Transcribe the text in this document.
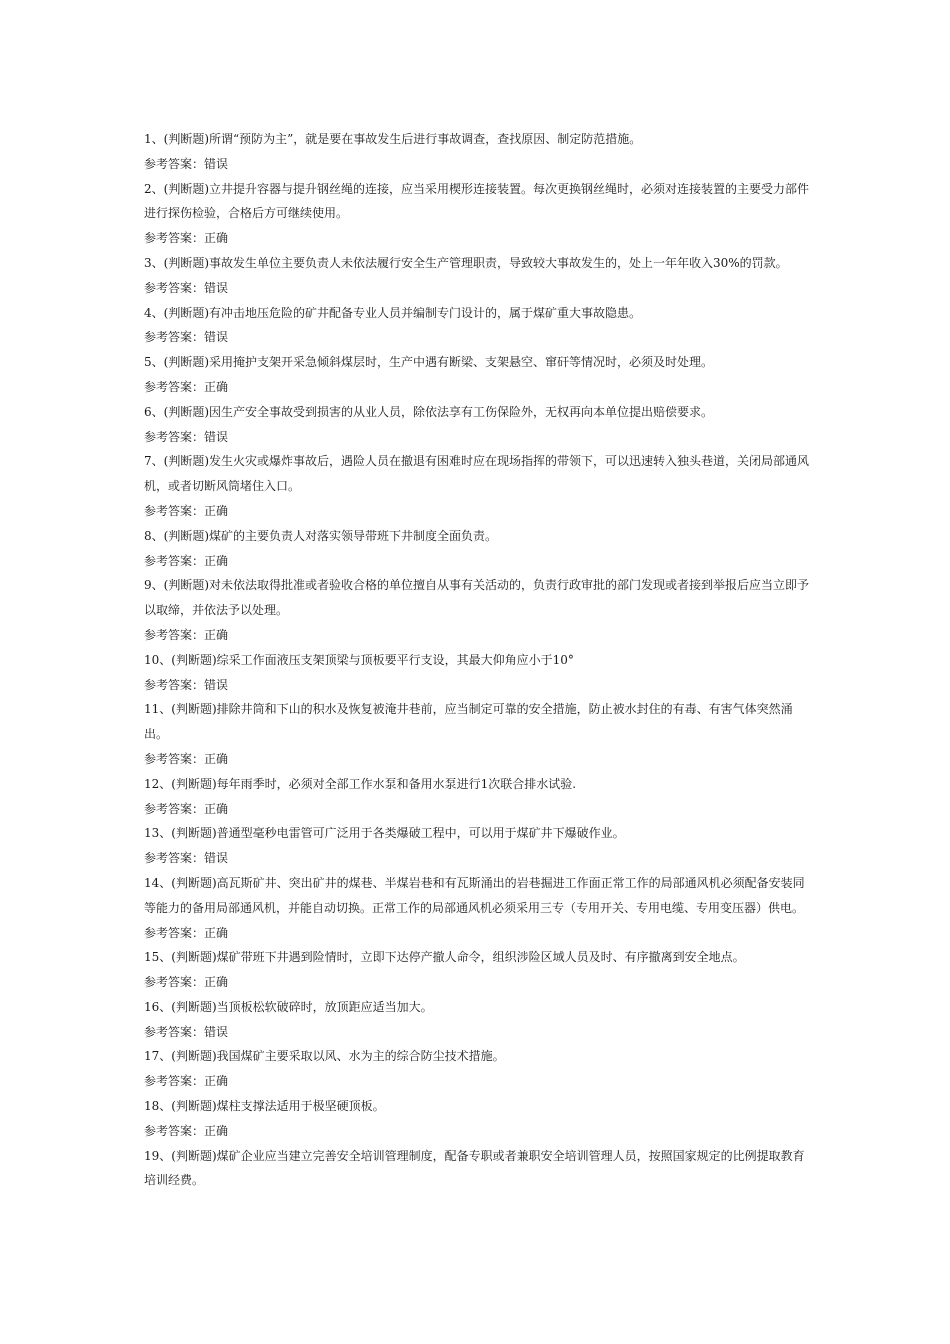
1、(判断题)所谓“预防为主”，就是要在事故发生后进行事故调查，查找原因、制定防范措施。

参考答案：错误

2、(判断题)立井提升容器与提升钢丝绳的连接，应当采用楔形连接装置。每次更换钢丝绳时，必须对连接装置的主要受力部件进行探伤检验，合格后方可继续使用。

参考答案：正确

3、(判断题)事故发生单位主要负责人未依法履行安全生产管理职责，导致较大事故发生的，处上一年年收入30%的罚款。

参考答案：错误

4、(判断题)有冲击地压危险的矿井配备专业人员并编制专门设计的，属于煤矿重大事故隐患。

参考答案：错误

5、(判断题)采用掩护支架开采急倾斜煤层时，生产中遇有断梁、支架悬空、窜矸等情况时，必须及时处理。

参考答案：正确

6、(判断题)因生产安全事故受到损害的从业人员，除依法享有工伤保险外，无权再向本单位提出赔偿要求。

参考答案：错误

7、(判断题)发生火灾或爆炸事故后，遇险人员在撤退有困难时应在现场指挥的带领下，可以迅速转入独头巷道，关闭局部通风机，或者切断风筒堵住入口。

参考答案：正确

8、(判断题)煤矿的主要负责人对落实领导带班下井制度全面负责。

参考答案：正确

9、(判断题)对未依法取得批准或者验收合格的单位擅自从事有关活动的，负责行政审批的部门发现或者接到举报后应当立即予以取缔，并依法予以处理。

参考答案：正确

10、(判断题)综采工作面液压支架顶梁与顶板要平行支设，其最大仰角应小于10°

参考答案：错误

11、(判断题)排除井筒和下山的积水及恢复被淹井巷前，应当制定可靠的安全措施，防止被水封住的有毒、有害气体突然涌出。

参考答案：正确

12、(判断题)每年雨季时，必须对全部工作水泵和备用水泵进行1次联合排水试验.

参考答案：正确

13、(判断题)普通型毫秒电雷管可广泛用于各类爆破工程中，可以用于煤矿井下爆破作业。

参考答案：错误

14、(判断题)高瓦斯矿井、突出矿井的煤巷、半煤岩巷和有瓦斯涌出的岩巷掘进工作面正常工作的局部通风机必须配备安装同等能力的备用局部通风机，并能自动切换。正常工作的局部通风机必须采用三专（专用开关、专用电缆、专用变压器）供电。

参考答案：正确

15、(判断题)煤矿带班下井遇到险情时，立即下达停产撤人命令，组织涉险区域人员及时、有序撤离到安全地点。

参考答案：正确

16、(判断题)当顶板松软破碎时，放顶距应适当加大。

参考答案：错误

17、(判断题)我国煤矿主要采取以风、水为主的综合防尘技术措施。

参考答案：正确

18、(判断题)煤柱支撑法适用于极坚硬顶板。

参考答案：正确

19、(判断题)煤矿企业应当建立完善安全培训管理制度，配备专职或者兼职安全培训管理人员，按照国家规定的比例提取教育培训经费。
